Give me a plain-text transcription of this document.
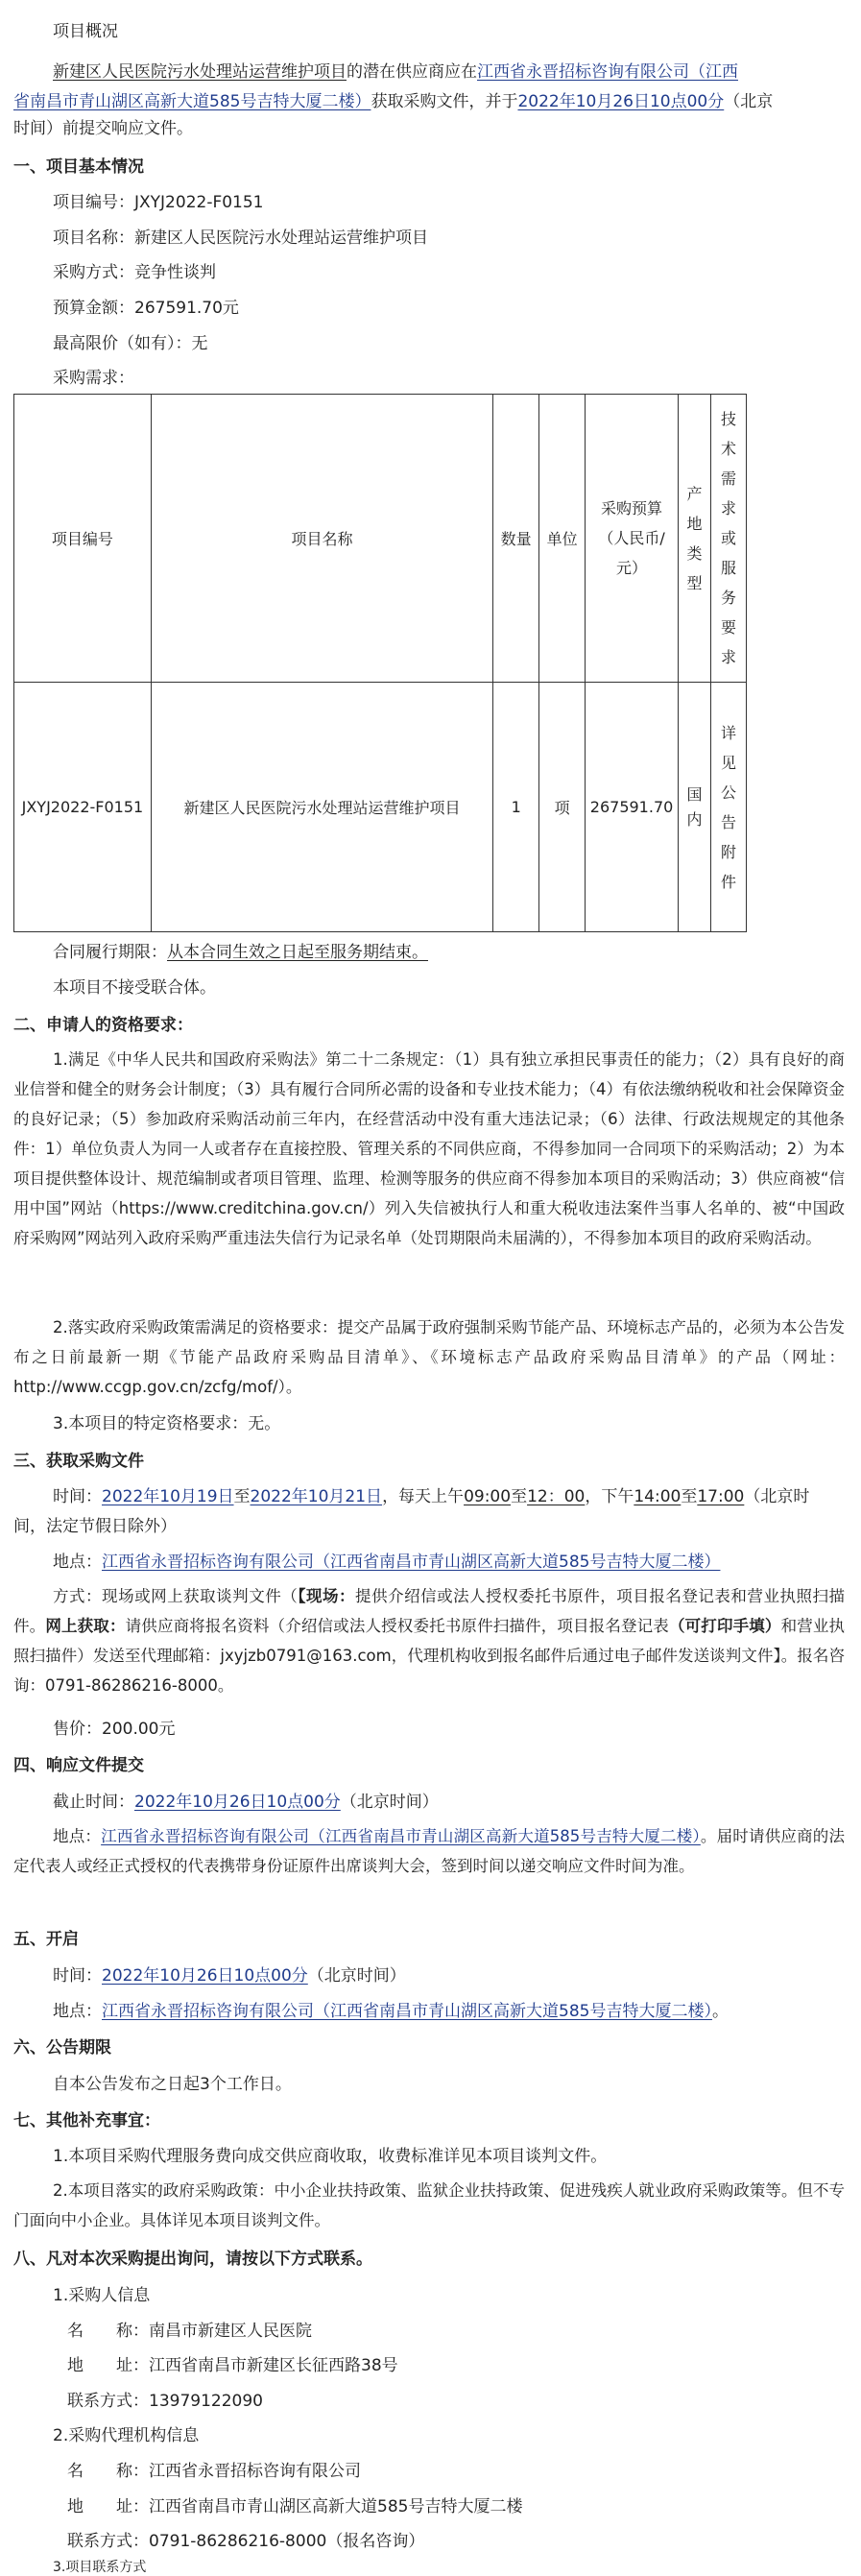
项目概况
新建区人民医院污水处理站运营维护项目的潜在供应商应在江西省永晋招标咨询有限公司（江西
省南昌市青山湖区高新大道585号吉特大厦二楼）获取采购文件，并于2022年10月26日10点00分（北京
时间）前提交响应文件。
一、项目基本情况
项目编号：JXYJ2022-F0151
项目名称：新建区人民医院污水处理站运营维护项目
采购方式：竞争性谈判
预算金额：267591.70元
最高限价（如有）：无
采购需求：
项目编号	项目名称	数量	单位	采购预算（人民币/元）	产地类型	技术需求或服务要求
JXYJ2022-F0151	新建区人民医院污水处理站运营维护项目	1	项	267591.70	国内	详见公告附件
合同履行期限：从本合同生效之日起至服务期结束。
本项目不接受联合体。
二、申请人的资格要求：
1.满足《中华人民共和国政府采购法》第二十二条规定：（1）具有独立承担民事责任的能力；（2）具有良好的商业信誉和健全的财务会计制度；（3）具有履行合同所必需的设备和专业技术能力；（4）有依法缴纳税收和社会保障资金的良好记录；（5）参加政府采购活动前三年内，在经营活动中没有重大违法记录；（6）法律、行政法规规定的其他条件：1）单位负责人为同一人或者存在直接控股、管理关系的不同供应商，不得参加同一合同项下的采购活动；2）为本项目提供整体设计、规范编制或者项目管理、监理、检测等服务的供应商不得参加本项目的采购活动；3）供应商被“信用中国”网站（https://www.creditchina.gov.cn/）列入失信被执行人和重大税收违法案件当事人名单的、被“中国政府采购网”网站列入政府采购严重违法失信行为记录名单（处罚期限尚未届满的），不得参加本项目的政府采购活动。
2.落实政府采购政策需满足的资格要求：提交产品属于政府强制采购节能产品、环境标志产品的，必须为本公告发布之日前最新一期《节能产品政府采购品目清单》、《环境标志产品政府采购品目清单》的产品（网址：http://www.ccgp.gov.cn/zcfg/mof/）。
3.本项目的特定资格要求：无。
三、获取采购文件
时间：2022年10月19日至2022年10月21日，每天上午09:00至12：00，下午14:00至17:00（北京时
间，法定节假日除外）
地点：江西省永晋招标咨询有限公司（江西省南昌市青山湖区高新大道585号吉特大厦二楼）
方式：现场或网上获取谈判文件（【现场：提供介绍信或法人授权委托书原件，项目报名登记表和营业执照扫描件。网上获取：请供应商将报名资料（介绍信或法人授权委托书原件扫描件，项目报名登记表（可打印手填）和营业执照扫描件）发送至代理邮箱：jxyjzb0791@163.com，代理机构收到报名邮件后通过电子邮件发送谈判文件】。报名咨询：0791-86286216-8000。
售价：200.00元
四、响应文件提交
截止时间：2022年10月26日10点00分（北京时间）
地点：江西省永晋招标咨询有限公司（江西省南昌市青山湖区高新大道585号吉特大厦二楼）。届时请供应商的法定代表人或经正式授权的代表携带身份证原件出席谈判大会，签到时间以递交响应文件时间为准。
五、开启
时间：2022年10月26日10点00分（北京时间）
地点：江西省永晋招标咨询有限公司（江西省南昌市青山湖区高新大道585号吉特大厦二楼）。
六、公告期限
自本公告发布之日起3个工作日。
七、其他补充事宜：
1.本项目采购代理服务费向成交供应商收取，收费标准详见本项目谈判文件。
2.本项目落实的政府采购政策：中小企业扶持政策、监狱企业扶持政策、促进残疾人就业政府采购政策等。但不专门面向中小企业。具体详见本项目谈判文件。
八、凡对本次采购提出询问，请按以下方式联系。
1.采购人信息
名　　称：南昌市新建区人民医院
地　　址：江西省南昌市新建区长征西路38号
联系方式：13979122090
2.采购代理机构信息
名　　称：江西省永晋招标咨询有限公司
地　　址：江西省南昌市青山湖区高新大道585号吉特大厦二楼
联系方式：0791-86286216-8000（报名咨询）
3.项目联系方式
